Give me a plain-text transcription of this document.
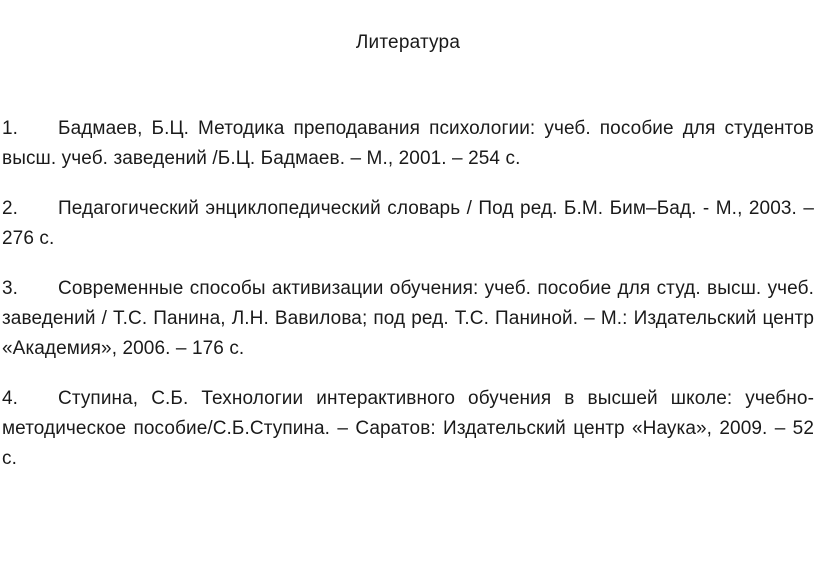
Литература
1. Бадмаев, Б.Ц. Методика преподавания психологии: учеб. пособие для студентов высш. учеб. заведений /Б.Ц. Бадмаев. – М., 2001. – 254 с.
2. Педагогический энциклопедический словарь / Под ред. Б.М. Бим–Бад. - М., 2003. – 276 с.
3. Современные способы активизации обучения: учеб. пособие для студ. высш. учеб. заведений / Т.С. Панина, Л.Н. Вавилова; под ред. Т.С. Паниной. – М.: Издательский центр «Академия», 2006. – 176 с.
4. Ступина, С.Б. Технологии интерактивного обучения в высшей школе: учебно-методическое пособие/С.Б.Ступина. – Саратов: Издательский центр «Наука», 2009. – 52 с.
